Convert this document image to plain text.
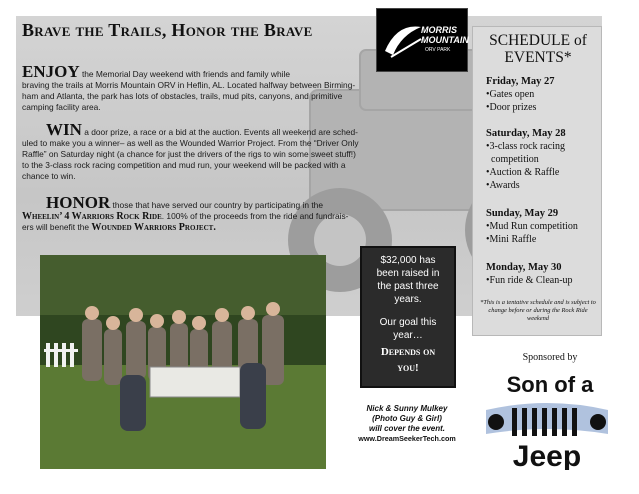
Brave the Trails, Honor the Brave	MORRIS
MOUNTAIN
ORV PARK
ENJOY the Memorial Day weekend with friends and family while
braving the trails at Morris Mountain ORV in Heflin, AL. Located halfway between Birming-
ham and Atlanta, the park has lots of obstacles, trails, mud pits, canyons, and primitive
camping facility area.
WIN a door prize, a race or a bid at the auction. Events all weekend are sched-
uled to make you a winner– as well as the Wounded Warrior Project. From the “Driver Only
Raffle” on Saturday night (a chance for just the drivers of the rigs to win some sweet stuff!)
to the 3-class rock racing competition and mud run, your weekend will be packed with a
chance to win.
HONOR those that have served our country by participating in the
Wheelin’ 4 Warriors Rock Ride. 100% of the proceeds from the ride and fundrais-
ers will benefit the Wounded Warriors Project.
SCHEDULE of
EVENTS*
Friday, May 27
•Gates open
•Door prizes
Saturday, May 28
•3-class rock racing
competition
•Auction & Raffle
•Awards
Sunday, May 29
•Mud Run competition
•Mini Raffle
Monday, May 30
•Fun ride & Clean-up
*This is a tentative schedule and is subject to change before or during the Rock Ride weekend
$32,000 has
been raised in
the past three
years.
Our goal this
year…
Depends on
you!
Nick & Sunny Mulkey
(Photo Guy & Girl)
will cover the event.
www.DreamSeekerTech.com
Sponsored by
Son of a
Jeep
